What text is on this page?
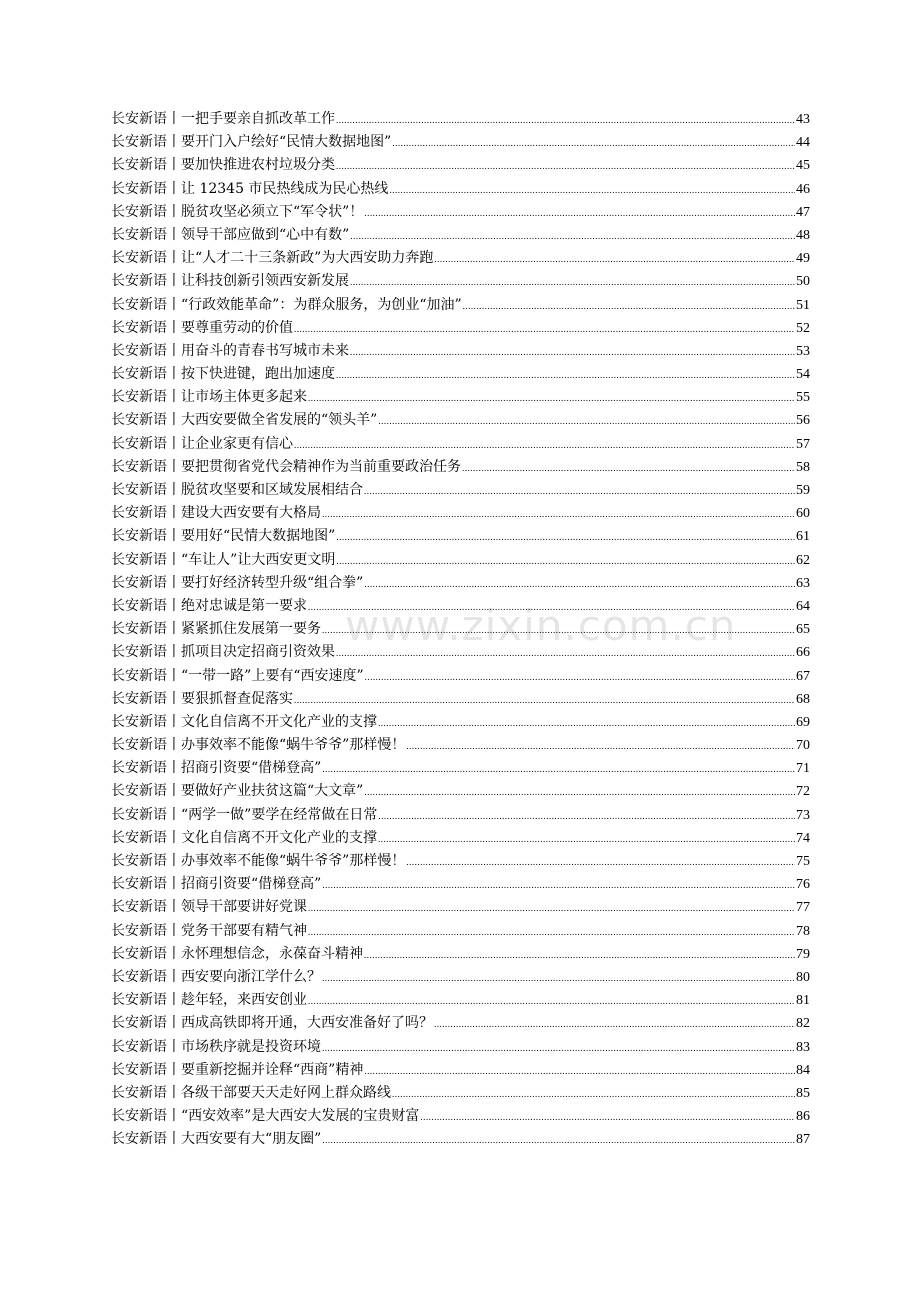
www.zixin.com.cn
长安新语丨一把手要亲自抓改革工作 .....	43
长安新语丨要开门入户绘好“民情大数据地图” .....	44
长安新语丨要加快推进农村垃圾分类 .....	45
长安新语丨让 12345 市民热线成为民心热线 .....	46
长安新语丨脱贫攻坚必须立下“军令状”！ .....	47
长安新语丨领导干部应做到“心中有数” .....	48
长安新语丨让“人才二十三条新政”为大西安助力奔跑 .....	49
长安新语丨让科技创新引领西安新发展 .....	50
长安新语丨“行政效能革命”：为群众服务，为创业“加油” .....	51
长安新语丨要尊重劳动的价值 .....	52
长安新语丨用奋斗的青春书写城市未来 .....	53
长安新语丨按下快进键，跑出加速度 .....	54
长安新语丨让市场主体更多起来 .....	55
长安新语丨大西安要做全省发展的“领头羊” .....	56
长安新语丨让企业家更有信心 .....	57
长安新语丨要把贯彻省党代会精神作为当前重要政治任务 .....	58
长安新语丨脱贫攻坚要和区域发展相结合 .....	59
长安新语丨建设大西安要有大格局 .....	60
长安新语丨要用好“民情大数据地图” .....	61
长安新语丨“车让人”让大西安更文明 .....	62
长安新语丨要打好经济转型升级“组合拳” .....	63
长安新语丨绝对忠诚是第一要求 .....	64
长安新语丨紧紧抓住发展第一要务 .....	65
长安新语丨抓项目决定招商引资效果 .....	66
长安新语丨“一带一路”上要有“西安速度” .....	67
长安新语丨要狠抓督查促落实 .....	68
长安新语丨文化自信离不开文化产业的支撑 .....	69
长安新语丨办事效率不能像“蜗牛爷爷”那样慢！ .....	70
长安新语丨招商引资要“借梯登高” .....	71
长安新语丨要做好产业扶贫这篇“大文章” .....	72
长安新语丨“两学一做”要学在经常做在日常 .....	73
长安新语丨文化自信离不开文化产业的支撑 .....	74
长安新语丨办事效率不能像“蜗牛爷爷”那样慢！ .....	75
长安新语丨招商引资要“借梯登高” .....	76
长安新语丨领导干部要讲好党课 .....	77
长安新语丨党务干部要有精气神 .....	78
长安新语丨永怀理想信念，永葆奋斗精神 .....	79
长安新语丨西安要向浙江学什么？ .....	80
长安新语丨趁年轻，来西安创业 .....	81
长安新语丨西成高铁即将开通，大西安准备好了吗？ .....	82
长安新语丨市场秩序就是投资环境 .....	83
长安新语丨要重新挖掘并诠释“西商”精神 .....	84
长安新语丨各级干部要天天走好网上群众路线 .....	85
长安新语丨“西安效率”是大西安大发展的宝贵财富 .....	86
长安新语丨大西安要有大“朋友圈” .....	87
